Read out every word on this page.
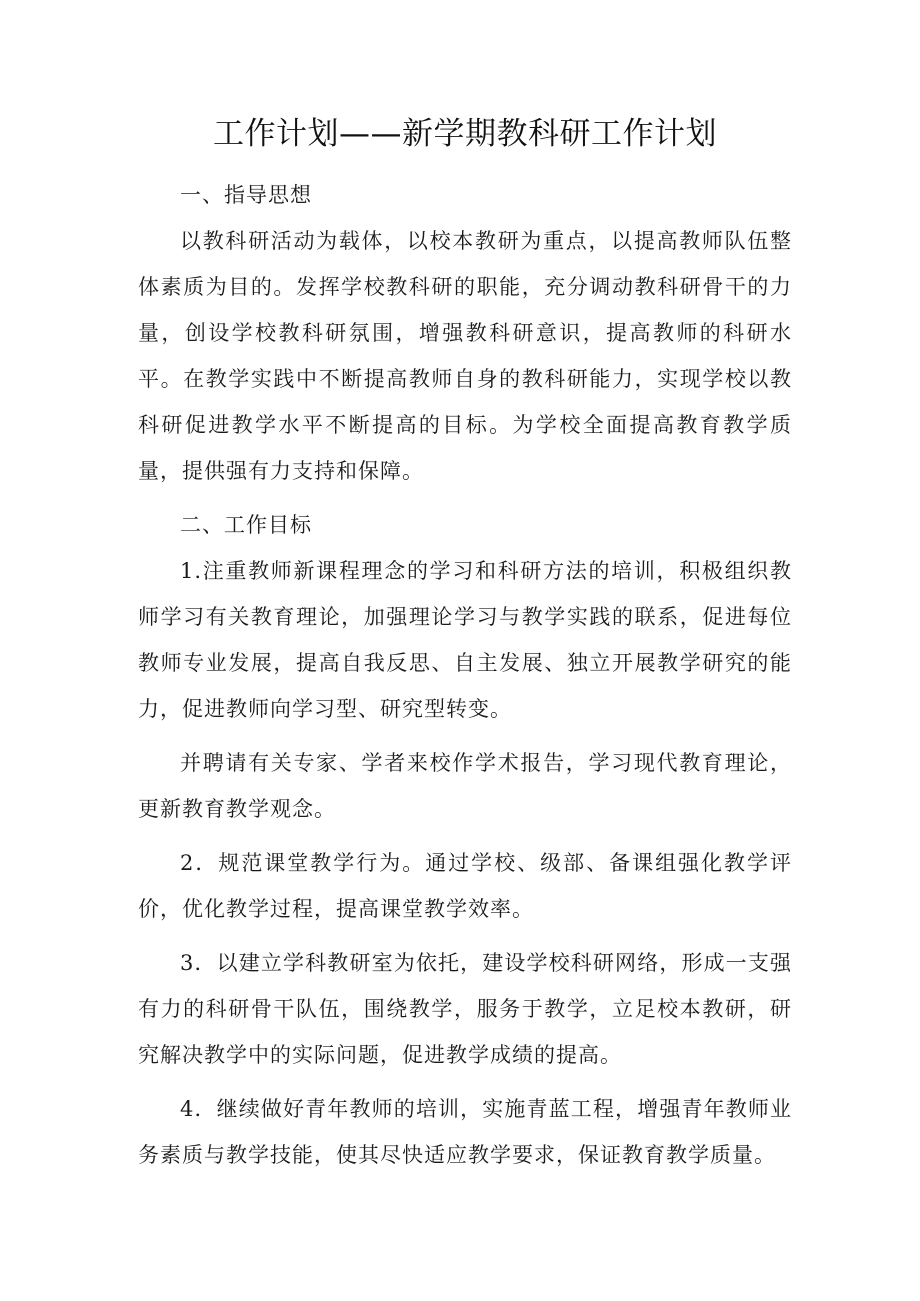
工作计划——新学期教科研工作计划

一、指导思想

以教科研活动为载体，以校本教研为重点，以提高教师队伍整体素质为目的。发挥学校教科研的职能，充分调动教科研骨干的力量，创设学校教科研氛围，增强教科研意识，提高教师的科研水平。在教学实践中不断提高教师自身的教科研能力，实现学校以教科研促进教学水平不断提高的目标。为学校全面提高教育教学质量，提供强有力支持和保障。

二、工作目标

1.注重教师新课程理念的学习和科研方法的培训，积极组织教师学习有关教育理论，加强理论学习与教学实践的联系，促进每位教师专业发展，提高自我反思、自主发展、独立开展教学研究的能力，促进教师向学习型、研究型转变。

并聘请有关专家、学者来校作学术报告，学习现代教育理论，更新教育教学观念。

2．规范课堂教学行为。通过学校、级部、备课组强化教学评价，优化教学过程，提高课堂教学效率。

3．以建立学科教研室为依托，建设学校科研网络，形成一支强有力的科研骨干队伍，围绕教学，服务于教学，立足校本教研，研究解决教学中的实际问题，促进教学成绩的提高。

4．继续做好青年教师的培训，实施青蓝工程，增强青年教师业务素质与教学技能，使其尽快适应教学要求，保证教育教学质量。
